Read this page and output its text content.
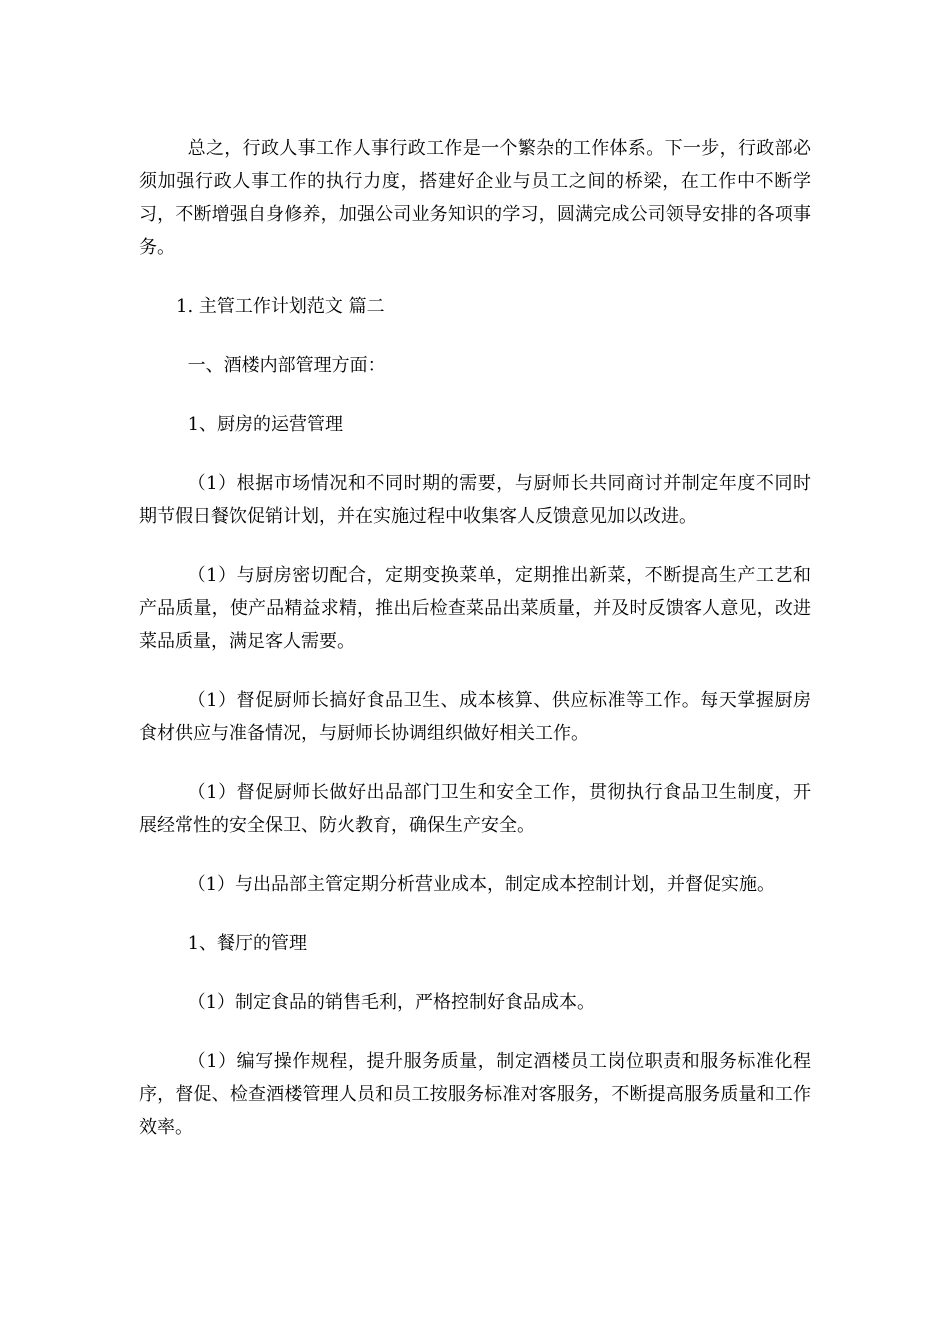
总之，行政人事工作人事行政工作是一个繁杂的工作体系。下一步，行政部必须加强行政人事工作的执行力度，搭建好企业与员工之间的桥梁，在工作中不断学习，不断增强自身修养，加强公司业务知识的学习，圆满完成公司领导安排的各项事务。

1. 主管工作计划范文 篇二

一、酒楼内部管理方面：

1、厨房的运营管理

（1）根据市场情况和不同时期的需要，与厨师长共同商讨并制定年度不同时期节假日餐饮促销计划，并在实施过程中收集客人反馈意见加以改进。

（1）与厨房密切配合，定期变换菜单，定期推出新菜，不断提高生产工艺和产品质量，使产品精益求精，推出后检查菜品出菜质量，并及时反馈客人意见，改进菜品质量，满足客人需要。

（1）督促厨师长搞好食品卫生、成本核算、供应标准等工作。每天掌握厨房食材供应与准备情况，与厨师长协调组织做好相关工作。

（1）督促厨师长做好出品部门卫生和安全工作，贯彻执行食品卫生制度，开展经常性的安全保卫、防火教育，确保生产安全。

（1）与出品部主管定期分析营业成本，制定成本控制计划，并督促实施。

1、餐厅的管理

（1）制定食品的销售毛利，严格控制好食品成本。

（1）编写操作规程，提升服务质量，制定酒楼员工岗位职责和服务标准化程序，督促、检查酒楼管理人员和员工按服务标准对客服务，不断提高服务质量和工作效率。
